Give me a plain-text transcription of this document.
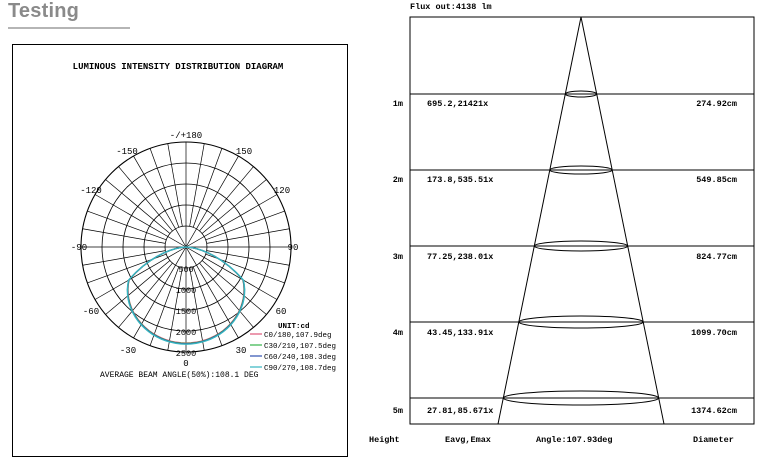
Testing
LUMINOUS INTENSITY DISTRIBUTION DIAGRAM
-/+180
-150	150
-120	120
-90	90
-60	60
-30	30
0
500
1000
1500
2000
2500
UNIT:cd
C0/180,107.9deg
C30/210,107.5deg
C60/240,108.3deg
C90/270,108.7deg
AVERAGE BEAM ANGLE(50%):108.1 DEG
Flux out:4138 lm
1m	695.2,21421x	274.92cm
2m	173.8,535.51x	549.85cm
3m	77.25,238.01x	824.77cm
4m	43.45,133.91x	1099.70cm
5m	27.81,85.671x	1374.62cm
Height	Eavg,Emax	Angle:107.93deg	Diameter
